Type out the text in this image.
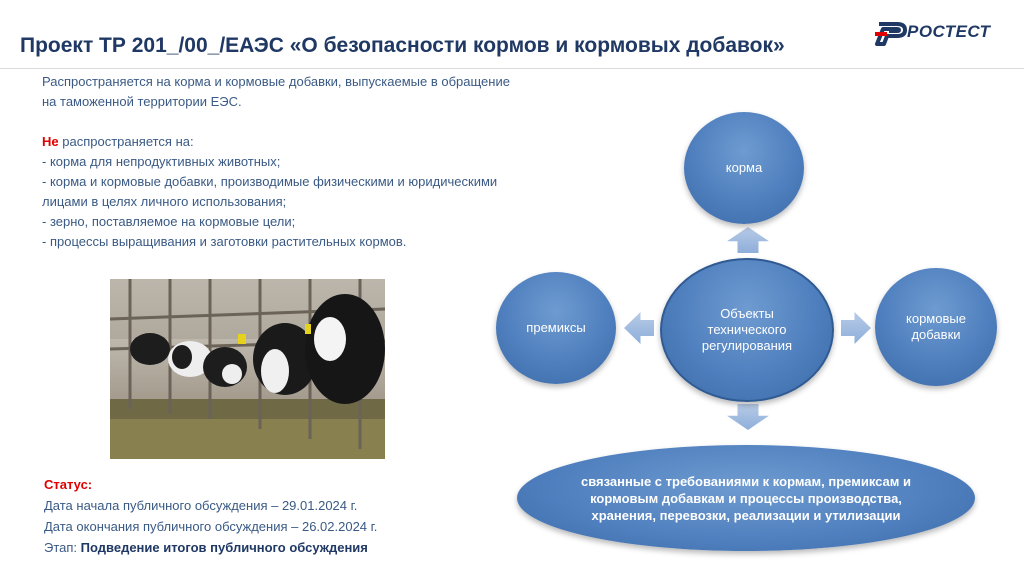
Проект ТР 201_/00_/ЕАЭС «О безопасности кормов и кормовых добавок»
РОСТЕСТ

Распространяется на корма и кормовые добавки, выпускаемые в обращение

на таможенной территории ЕЭС.

Не распространяется на:

- корма для непродуктивных животных;

- корма и кормовые добавки, производимые физическими и юридическими

лицами в целях личного использования;

- зерно, поставляемое на кормовые цели;

- процессы выращивания и заготовки растительных кормов.

Статус:

Дата начала публичного обсуждения – 29.01.2024 г.

Дата окончания публичного обсуждения – 26.02.2024 г.

Этап: Подведение итогов публичного обсуждения

корма
премиксы
кормовые добавки
Объекты технического регулирования
связанные с требованиями к кормам, премиксам и кормовым добавкам и процессы производства, хранения, перевозки, реализации и утилизации
